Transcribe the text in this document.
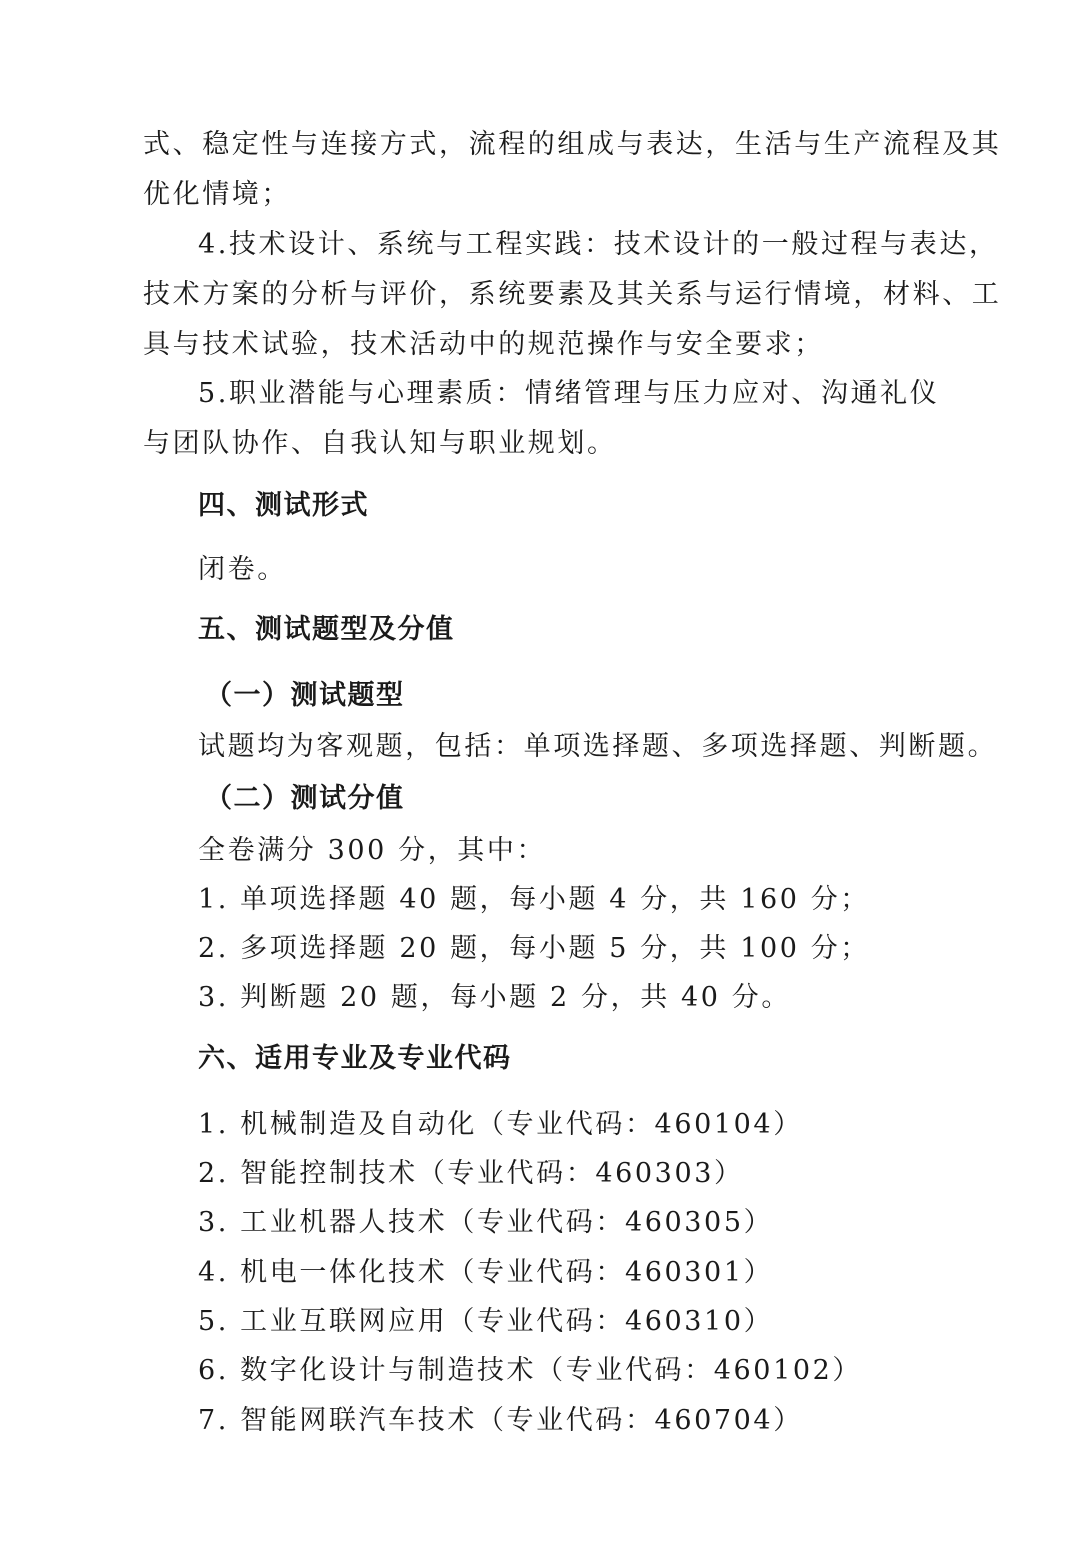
式、稳定性与连接方式，流程的组成与表达，生活与生产流程及其
优化情境；
4.技术设计、系统与工程实践：技术设计的一般过程与表达，
技术方案的分析与评价，系统要素及其关系与运行情境，材料、工
具与技术试验，技术活动中的规范操作与安全要求；
5.职业潜能与心理素质：情绪管理与压力应对、沟通礼仪
与团队协作、自我认知与职业规划。
四、测试形式
闭卷。
五、测试题型及分值
（一）测试题型
试题均为客观题，包括：单项选择题、多项选择题、判断题。
（二）测试分值
全卷满分 300 分，其中：
1. 单项选择题 40 题，每小题 4 分，共 160 分；
2. 多项选择题 20 题，每小题 5 分，共 100 分；
3. 判断题 20 题，每小题 2 分，共 40 分。
六、适用专业及专业代码
1. 机械制造及自动化（专业代码：460104）
2. 智能控制技术（专业代码：460303）
3. 工业机器人技术（专业代码：460305）
4. 机电一体化技术（专业代码：460301）
5. 工业互联网应用（专业代码：460310）
6. 数字化设计与制造技术（专业代码：460102）
7. 智能网联汽车技术（专业代码：460704）
